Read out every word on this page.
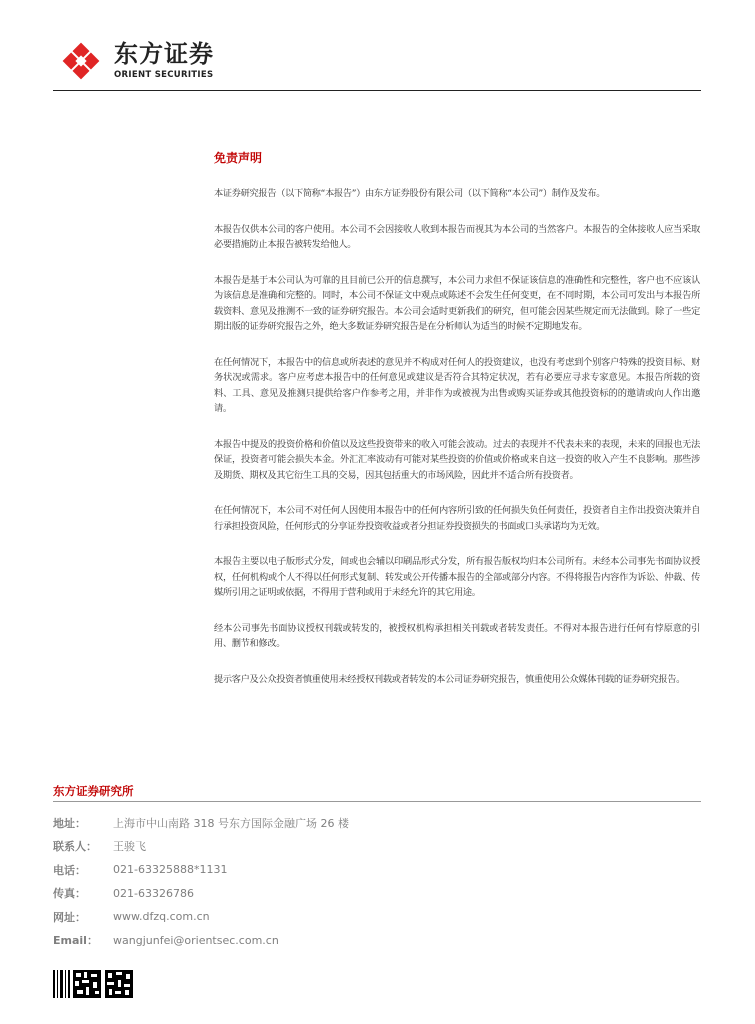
东方证券
ORIENT SECURITIES
免责声明

本证券研究报告（以下简称“本报告”）由东方证券股份有限公司（以下简称“本公司”）制作及发布。

本报告仅供本公司的客户使用。本公司不会因接收人收到本报告而视其为本公司的当然客户。本报告的全体接收人应当采取必要措施防止本报告被转发给他人。

本报告是基于本公司认为可靠的且目前已公开的信息撰写，本公司力求但不保证该信息的准确性和完整性，客户也不应该认为该信息是准确和完整的。同时，本公司不保证文中观点或陈述不会发生任何变更，在不同时期，本公司可发出与本报告所载资料、意见及推测不一致的证券研究报告。本公司会适时更新我们的研究，但可能会因某些规定而无法做到。除了一些定期出版的证券研究报告之外，绝大多数证券研究报告是在分析师认为适当的时候不定期地发布。

在任何情况下，本报告中的信息或所表述的意见并不构成对任何人的投资建议，也没有考虑到个别客户特殊的投资目标、财务状况或需求。客户应考虑本报告中的任何意见或建议是否符合其特定状况，若有必要应寻求专家意见。本报告所载的资料、工具、意见及推测只提供给客户作参考之用，并非作为或被视为出售或购买证券或其他投资标的的邀请或向人作出邀请。

本报告中提及的投资价格和价值以及这些投资带来的收入可能会波动。过去的表现并不代表未来的表现，未来的回报也无法保证，投资者可能会损失本金。外汇汇率波动有可能对某些投资的价值或价格或来自这一投资的收入产生不良影响。那些涉及期货、期权及其它衍生工具的交易，因其包括重大的市场风险，因此并不适合所有投资者。

在任何情况下，本公司不对任何人因使用本报告中的任何内容所引致的任何损失负任何责任，投资者自主作出投资决策并自行承担投资风险，任何形式的分享证券投资收益或者分担证券投资损失的书面或口头承诺均为无效。

本报告主要以电子版形式分发，间或也会辅以印刷品形式分发，所有报告版权均归本公司所有。未经本公司事先书面协议授权，任何机构或个人不得以任何形式复制、转发或公开传播本报告的全部或部分内容。不得将报告内容作为诉讼、仲裁、传媒所引用之证明或依据，不得用于营利或用于未经允许的其它用途。

经本公司事先书面协议授权刊载或转发的，被授权机构承担相关刊载或者转发责任。不得对本报告进行任何有悖原意的引用、删节和修改。

提示客户及公众投资者慎重使用未经授权刊载或者转发的本公司证券研究报告，慎重使用公众媒体刊载的证券研究报告。

东方证券研究所
地址：	上海市中山南路 318 号东方国际金融广场 26 楼
联系人：	王骏飞
电话：	021-63325888*1131
传真：	021-63326786
网址：	www.dfzq.com.cn
Email：	wangjunfei@orientsec.com.cn
